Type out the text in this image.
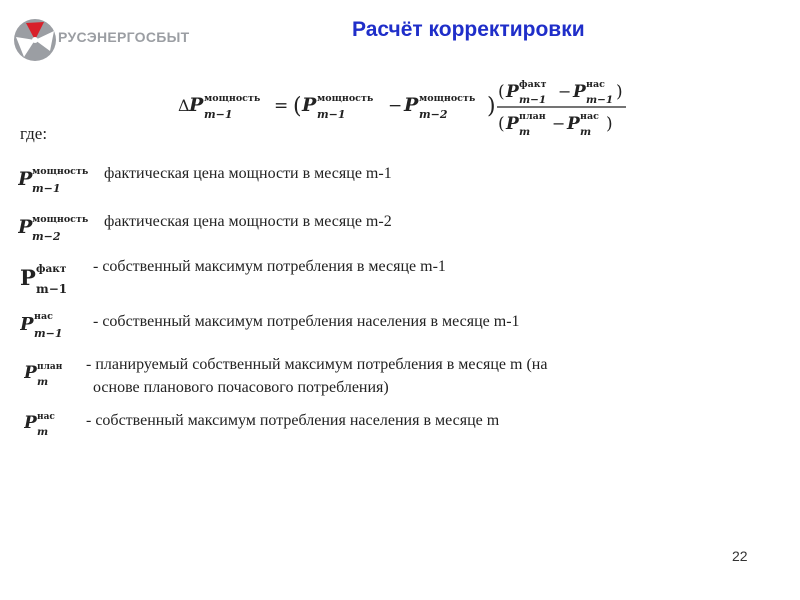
РУСЭНЕРГОСБЫТ	Расчёт корректировки
Δ P мощность
m−1 = ( P мощность
m−1 − P мощность
m−2 )
( P факт
m−1 − P нас
m−1 )
( P план
m − P нас
m )
где:
P мощность
m−1
фактическая цена мощности в месяце m-1
P мощность
m−2
фактическая цена мощности в месяце m-2
P факт
m−1
- собственный максимум потребления в месяце m-1
P нас
m−1
- собственный максимум потребления населения в месяце m-1
P план
m
- планируемый собственный максимум потребления в месяце m (на
основе планового почасового потребления)
P нас
m
- собственный максимум потребления населения в месяце m
22
